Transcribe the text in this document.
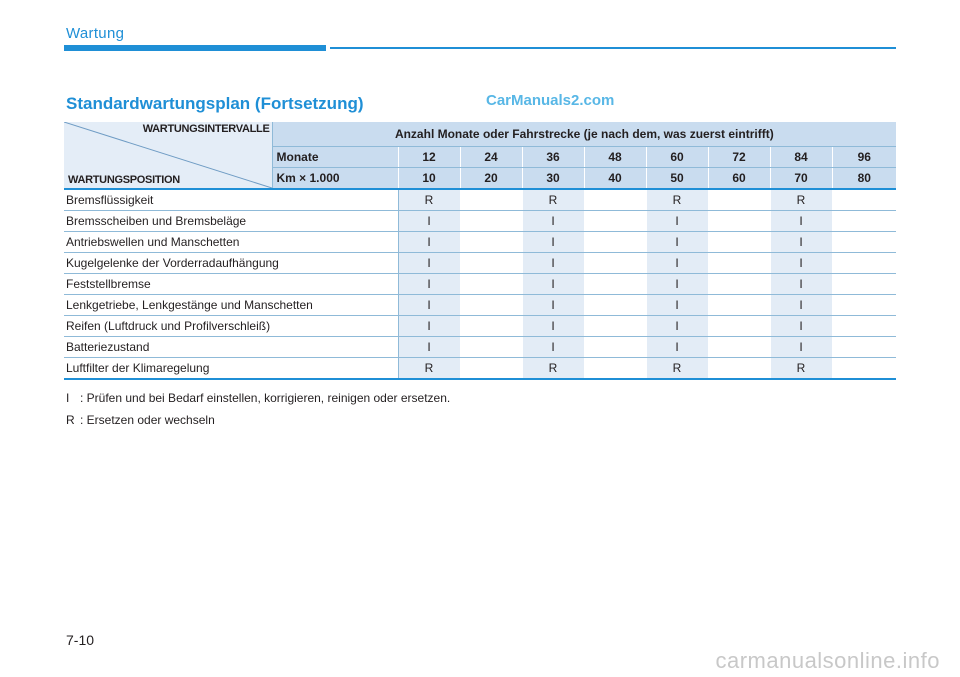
Wartung
Standardwartungsplan (Fortsetzung)	CarManuals2.com
WARTUNGSINTERVALLE
WARTUNGSPOSITION	Anzahl Monate oder Fahrstrecke (je nach dem, was zuerst eintrifft)								
	Monate	12	24	36	48	60	72	84	96
	Km × 1.000	10	20	30	40	50	60	70	80
Bremsflüssigkeit		R		R		R		R	
Bremsscheiben und Bremsbeläge		I		I		I		I	
Antriebswellen und Manschetten		I		I		I		I	
Kugelgelenke der Vorderradaufhängung		I		I		I		I	
Feststellbremse		I		I		I		I	
Lenkgetriebe, Lenkgestänge und Manschetten		I		I		I		I	
Reifen (Luftdruck und Profilverschleiß)		I		I		I		I	
Batteriezustand		I		I		I		I	
Luftfilter der Klimaregelung		R		R		R		R	
I : Prüfen und bei Bedarf einstellen, korrigieren, reinigen oder ersetzen.
R : Ersetzen oder wechseln
7-10
carmanualsonline.info
